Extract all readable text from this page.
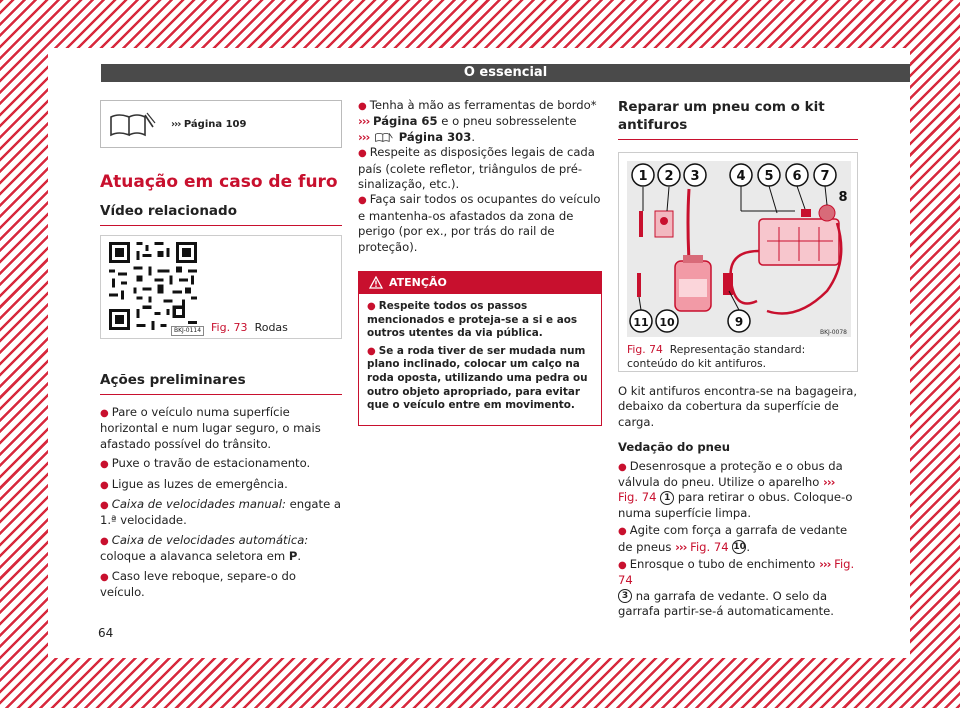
O essencial
››› Página 109
Atuação em caso de furo
Vídeo relacionado
BKJ-0114 Fig. 73 Rodas
Ações preliminares
● Pare o veículo numa superfície horizontal e num lugar seguro, o mais afastado possível do trânsito.
● Puxe o travão de estacionamento.
● Ligue as luzes de emergência.
● Caixa de velocidades manual: engate a 1.ª velocidade.
● Caixa de velocidades automática: coloque a alavanca seletora em P.
● Caso leve reboque, separe-o do veículo.

● Tenha à mão as ferramentas de bordo*
››› Página 65 e o pneu sobresselente
›››	Página 303.

● Respeite as disposições legais de cada país (colete refletor, triângulos de pré-sinalização, etc.).

● Faça sair todos os ocupantes do veículo e mantenha-os afastados da zona de perigo (por ex., por trás do rail de proteção).

ATENÇÃO

● Respeite todos os passos mencionados e proteja-se a si e aos outros utentes da via pública.

● Se a roda tiver de ser mudada num plano inclinado, colocar um calço na roda oposta, utilizando uma pedra ou outro objeto apropriado, para evitar que o veículo entre em movimento.

Reparar um pneu com o kit antifuros
1 2 3	4 5 6 7
8
9
10
11
BKJ-0078
Fig. 74 Representação standard: conteúdo do kit antifuros.

O kit antifuros encontra-se na bagageira, debaixo da cobertura da superfície de carga.

Vedação do pneu

● Desenrosque a proteção e o obus da válvula do pneu. Utilize o aparelho ››› Fig. 74 1 para retirar o obus. Coloque-o numa superfície limpa.

● Agite com força a garrafa de vedante de pneus ››› Fig. 74 10.

● Enrosque o tubo de enchimento ››› Fig. 74
3 na garrafa de vedante. O selo da garrafa partir-se-á automaticamente.

64
